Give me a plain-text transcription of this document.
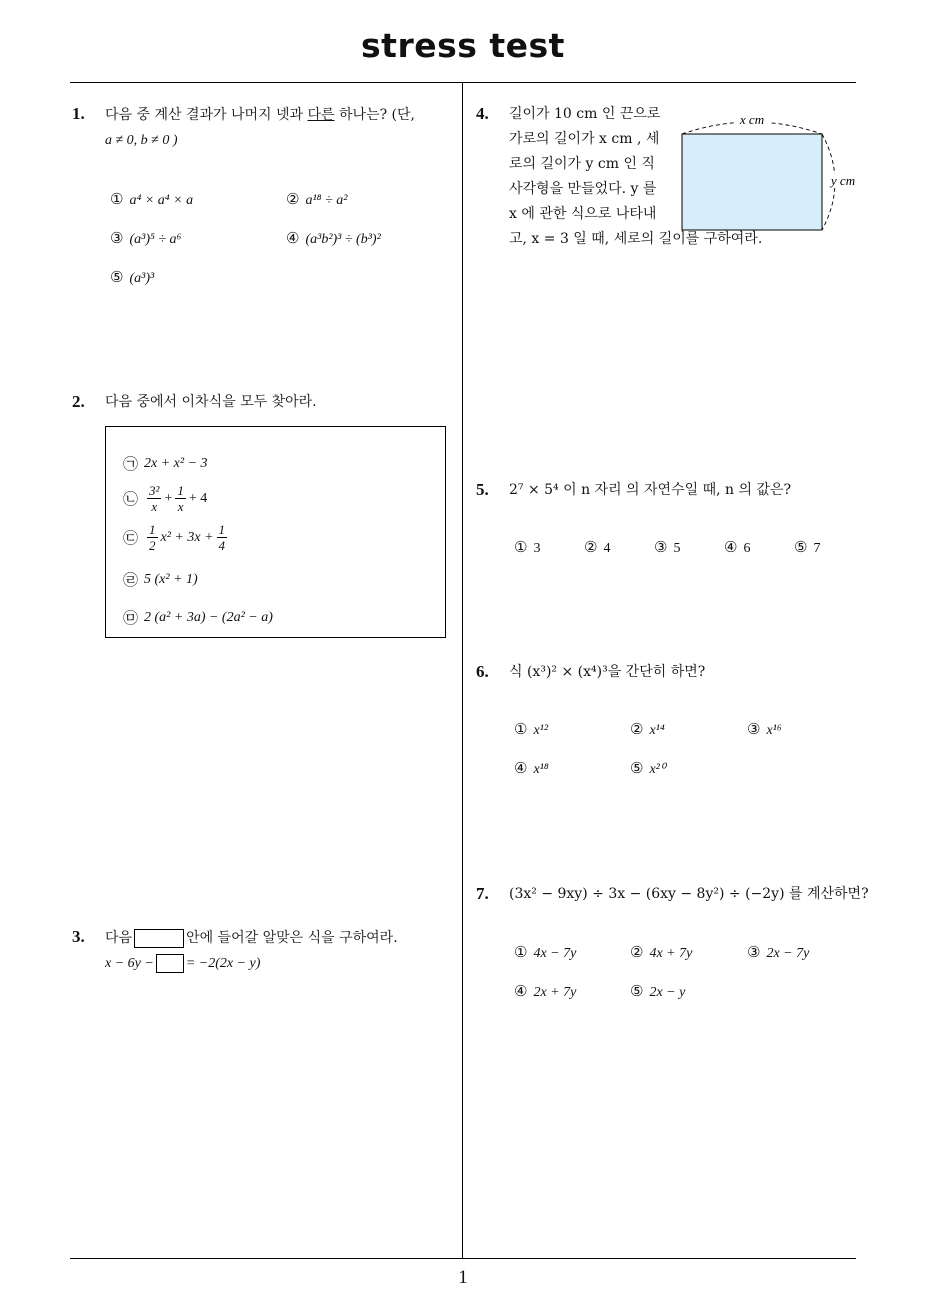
stress test
1
1. 다음 중 계산 결과가 나머지 넷과 다른 하나는? (단,
a ≠ 0, b ≠ 0 )
① a⁴ × a⁴ × a	② a¹⁸ ÷ a²
③ (a³)⁵ ÷ a⁶	④ (a³b²)³ ÷ (b³)²
⑤ (a³)³
2. 다음 중에서 이차식을 모두 찾아라.
㉠ 2x + x² − 3
㉡ $\frac{\text{3²}}{x} + \frac{1}{x} + 4$
㉢ $\frac{1}{2} x^2 + 3x + \frac{1}{4}$
㉣ 5 (x² + 1)
㉤ 2 (a² + 3a) − (2a² − a)
3. 다음	안에 들어갈 알맞은 식을 구하여라.
x − 6y − = −2(2x − y)
4. 길이가 10 cm 인 끈으로
가로의 길이가 x cm , 세
로의 길이가 y cm 인 직
사각형을 만들었다. y 를
x 에 관한 식으로 나타내
고, x = 3 일 때, 세로의 길이를 구하여라.
x cm
y cm
5. 2⁷ × 5⁴ 이 n 자리 의 자연수일 때, n 의 값은?
① 3	② 4	③ 5	④ 6	⑤ 7
6. 식 (x³)² × (x⁴)³을 간단히 하면?
① x¹²	② x¹⁴	③ x¹⁶
④ x¹⁸	⑤ x²⁰
7. (3x² − 9xy) ÷ 3x − (6xy − 8y²) ÷ (−2y) 를 계산하면?
① 4x − 7y	② 4x + 7y	③ 2x − 7y
④ 2x + 7y	⑤ 2x − y
